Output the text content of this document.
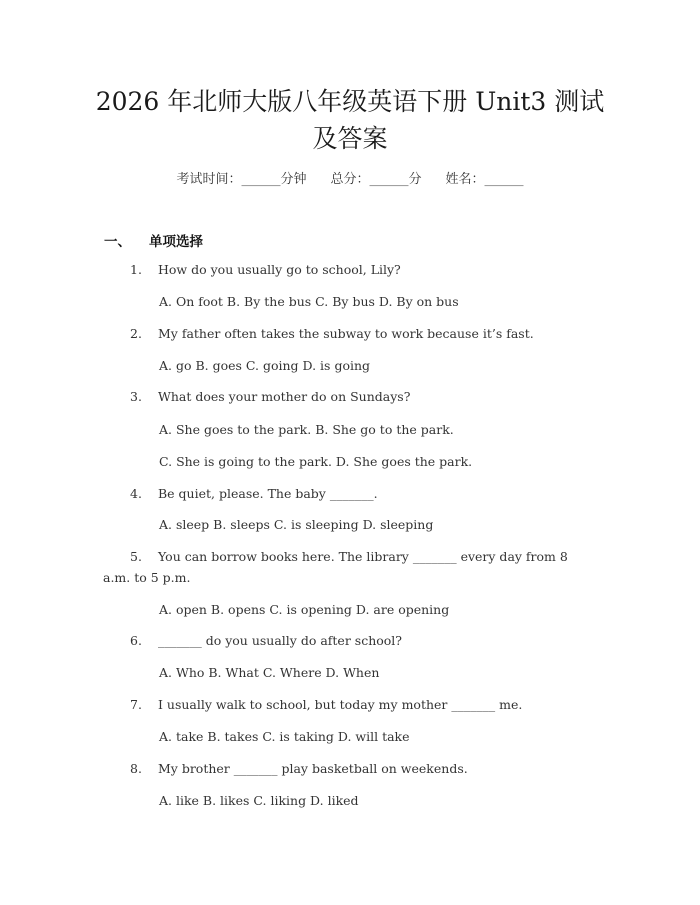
2026 年北师大版八年级英语下册 Unit3 测试
及答案
考试时间：______分钟 总分：______分 姓名：______
一、 单项选择
1. How do you usually go to school, Lily?
A. On foot B. By the bus C. By bus D. By on bus
2. My father often takes the subway to work because it’s fast.
A. go B. goes C. going D. is going
3. What does your mother do on Sundays?
A. She goes to the park. B. She go to the park.
C. She is going to the park. D. She goes the park.
4. Be quiet, please. The baby _______.
A. sleep B. sleeps C. is sleeping D. sleeping
5. You can borrow books here. The library _______ every day from 8
a.m. to 5 p.m.
A. open B. opens C. is opening D. are opening
6. _______ do you usually do after school?
A. Who B. What C. Where D. When
7. I usually walk to school, but today my mother _______ me.
A. take B. takes C. is taking D. will take
8. My brother _______ play basketball on weekends.
A. like B. likes C. liking D. liked
